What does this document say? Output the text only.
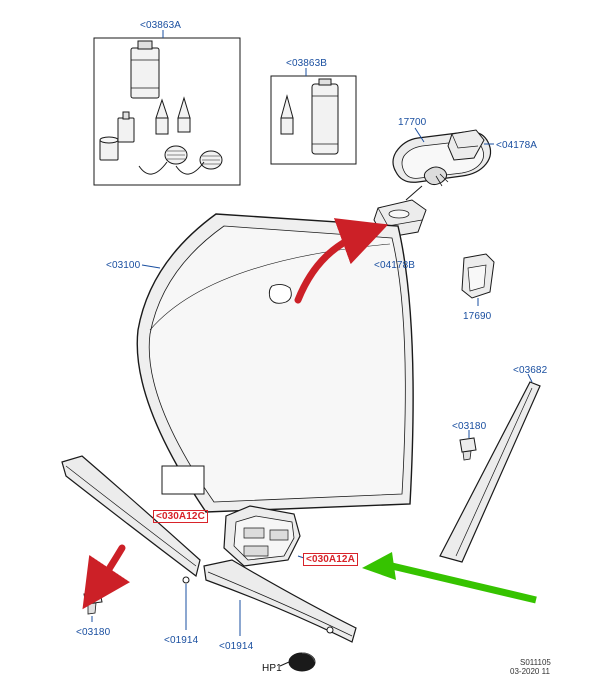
<03863A
<03863B
17700
<04178A
<04178B
17690
<03100
<03682
<03180
<030A12C
<030A12A
<03180
<01914
<01914
HP1
S011105
03-2020 11
